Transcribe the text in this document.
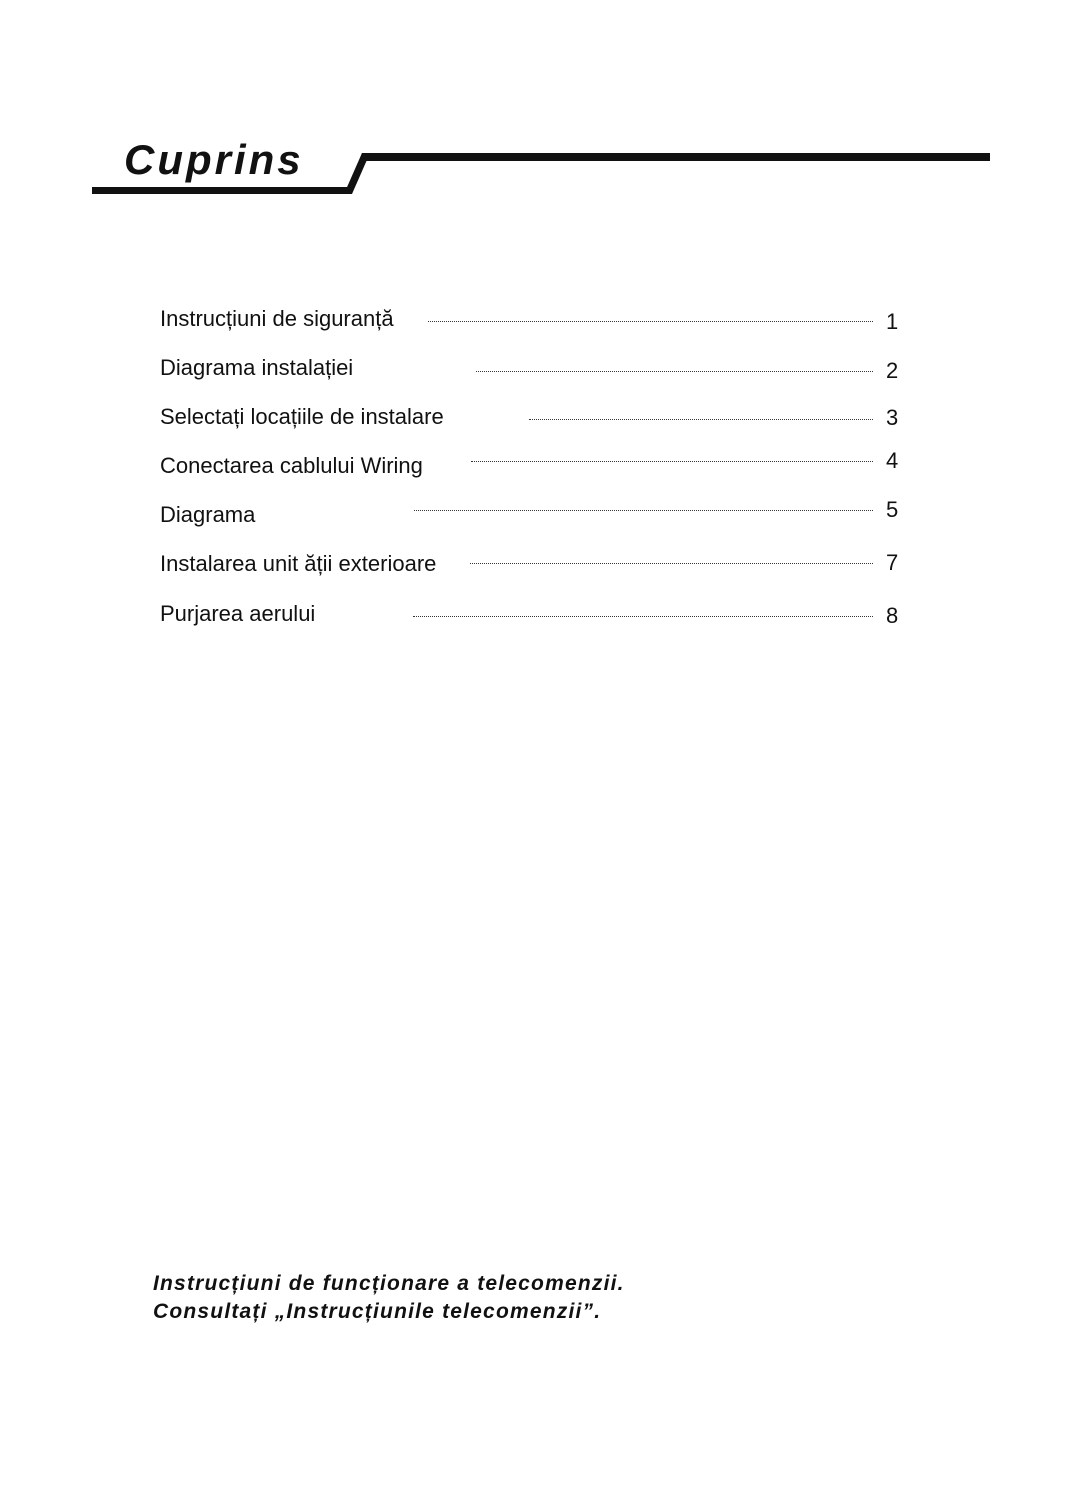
Cuprins
Instrucțiuni de siguranță	1
Diagrama instalației	2
Selectați locațiile de instalare	3
Conectarea cablului Wiring	4
Diagrama	5
Instalarea unit ății exterioare	7
Purjarea aerului	8
Instrucțiuni de funcționare a telecomenzii.
Consultați „Instrucțiunile telecomenzii”.
